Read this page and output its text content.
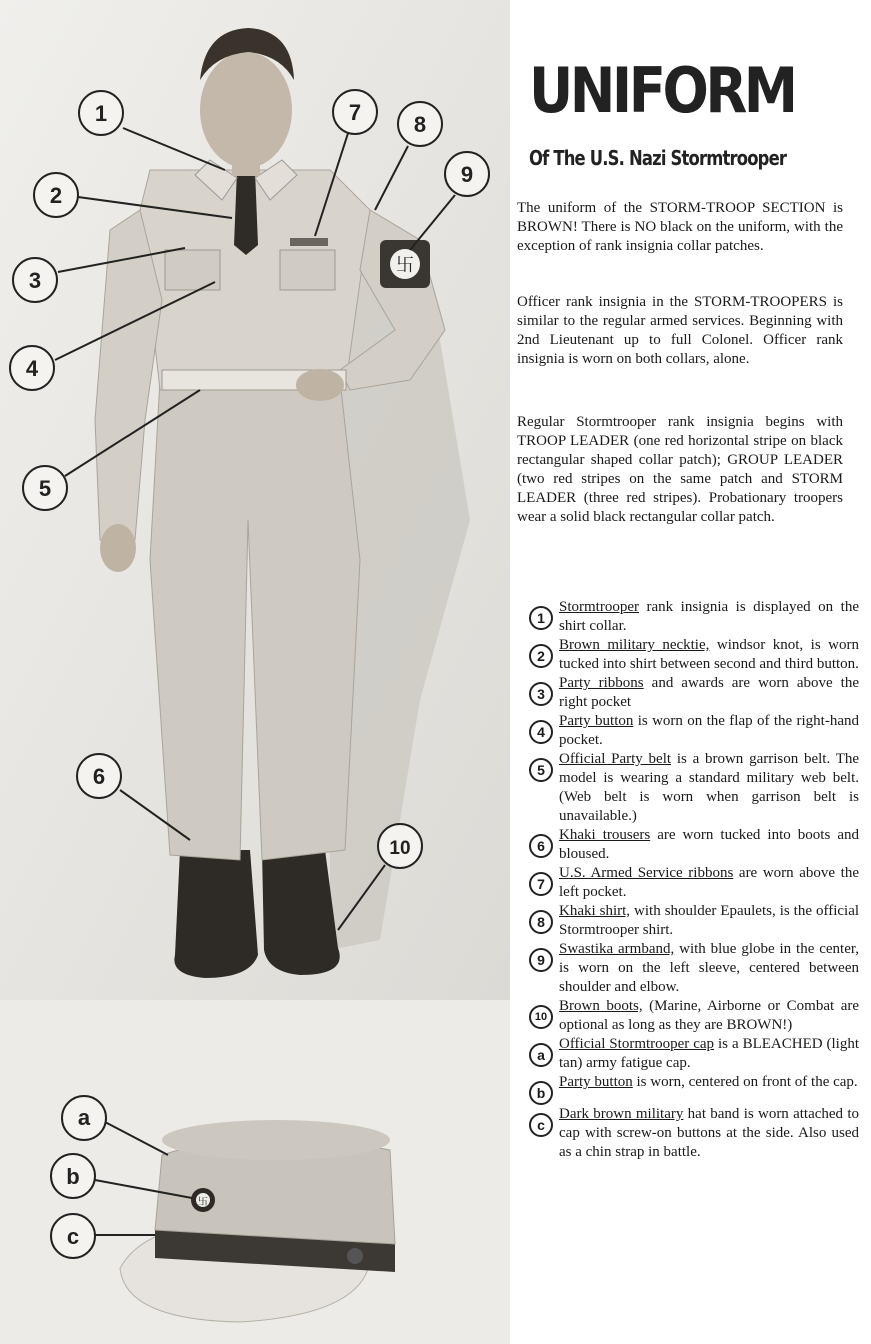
卐
1
2
3
4
5
6
7 8
9
10
卐
a
b
c
UNIFORM
Of The U.S. Nazi Stormtrooper

The uniform of the STORM-TROOP SECTION is BROWN! There is NO black on the uniform, with the exception of rank insignia collar patches.

Officer rank insignia in the STORM-TROOPERS is similar to the regular armed services. Beginning with 2nd Lieutenant up to full Colonel. Officer rank insignia is worn on both collars, alone.

Regular Stormtrooper rank insignia begins with TROOP LEADER (one red horizontal stripe on black rectangular shaped collar patch); GROUP LEADER (two red stripes on the same patch and STORM LEADER (three red stripes). Probationary troopers wear a solid black rectangular collar patch.

1
Stormtrooper rank insignia is displayed on the shirt collar.
2
Brown military necktie, windsor knot, is worn tucked into shirt between second and third button.
3
Party ribbons and awards are worn above the right pocket
4
Party button is worn on the flap of the right-hand pocket.
5
Official Party belt is a brown garrison belt. The model is wearing a standard military web belt. (Web belt is worn when garrison belt is unavailable.)
6
Khaki trousers are worn tucked into boots and bloused.
7
U.S. Armed Service ribbons are worn above the left pocket.
8
Khaki shirt, with shoulder Epaulets, is the official Stormtrooper shirt.
9
Swastika armband, with blue globe in the center, is worn on the left sleeve, centered between shoulder and elbow.
10
Brown boots, (Marine, Airborne or Combat are optional as long as they are BROWN!)
a
Official Stormtrooper cap is a BLEACHED (light tan) army fatigue cap.
b
Party button is worn, centered on front of the cap.
c
Dark brown military hat band is worn attached to cap with screw-on buttons at the side. Also used as a chin strap in battle.
